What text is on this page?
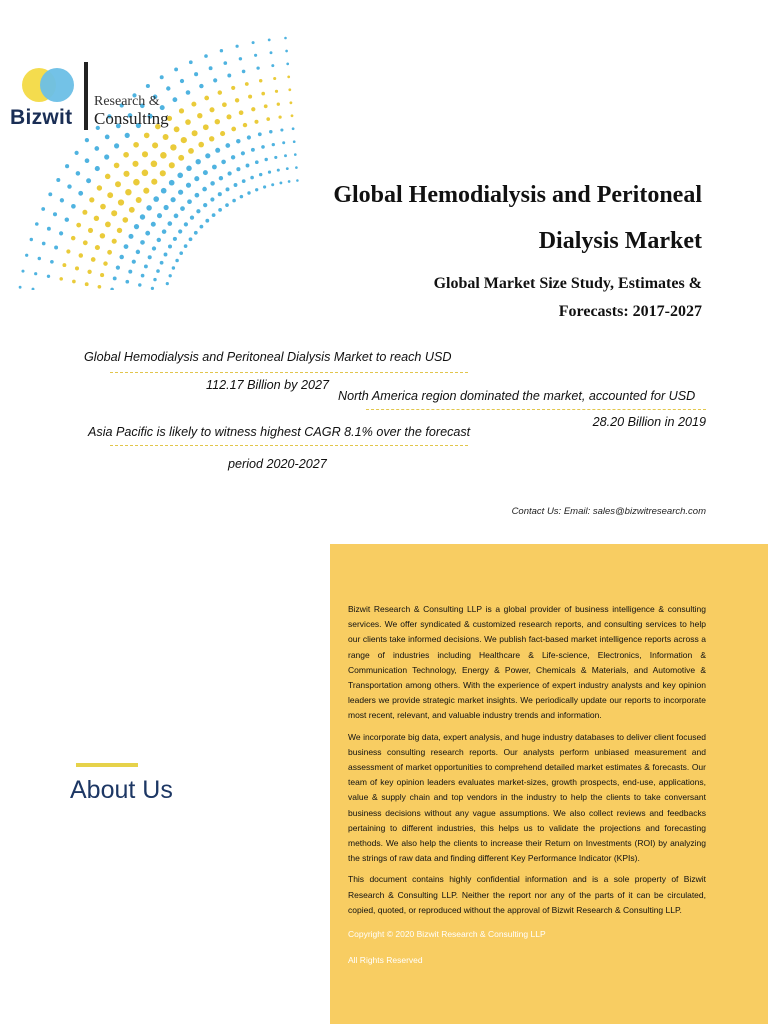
Bizwit
Research &
Consulting
Global Hemodialysis and Peritoneal
Dialysis Market
Global Market Size Study, Estimates &
Forecasts: 2017-2027
Global Hemodialysis and Peritoneal Dialysis Market to reach USD
112.17 Billion by 2027
North America region dominated the market, accounted for USD
28.20 Billion in 2019
Asia Pacific is likely to witness highest CAGR 8.1% over the forecast
period 2020-2027
Contact Us: Email: sales@bizwitresearch.com
About Us

Bizwit Research & Consulting LLP is a global provider of business intelligence & consulting services. We offer syndicated & customized research reports, and consulting services to help our clients take informed decisions. We publish fact-based market intelligence reports across a range of industries including Healthcare & Life-science, Electronics, Information & Communication Technology, Energy & Power, Chemicals & Materials, and Automotive & Transportation among others. With the experience of expert industry analysts and key opinion leaders we provide strategic market insights. We periodically update our reports to incorporate most recent, relevant, and valuable industry trends and information.

We incorporate big data, expert analysis, and huge industry databases to deliver client focused business consulting research reports. Our analysts perform unbiased measurement and assessment of market opportunities to comprehend detailed market estimates & forecasts. Our team of key opinion leaders evaluates market-sizes, growth prospects, end-use, applications, value & supply chain and top vendors in the industry to help the clients to take conversant business decisions without any vague assumptions. We also collect reviews and feedbacks pertaining to different industries, this helps us to validate the projections and forecasting methods. We also help the clients to increase their Return on Investments (ROI) by analyzing the strings of raw data and finding different Key Performance Indicator (KPIs).

This document contains highly confidential information and is a sole property of Bizwit Research & Consulting LLP. Neither the report nor any of the parts of it can be circulated, copied, quoted, or reproduced without the approval of Bizwit Research & Consulting LLP.

Copyright © 2020 Bizwit Research & Consulting LLP

All Rights Reserved
